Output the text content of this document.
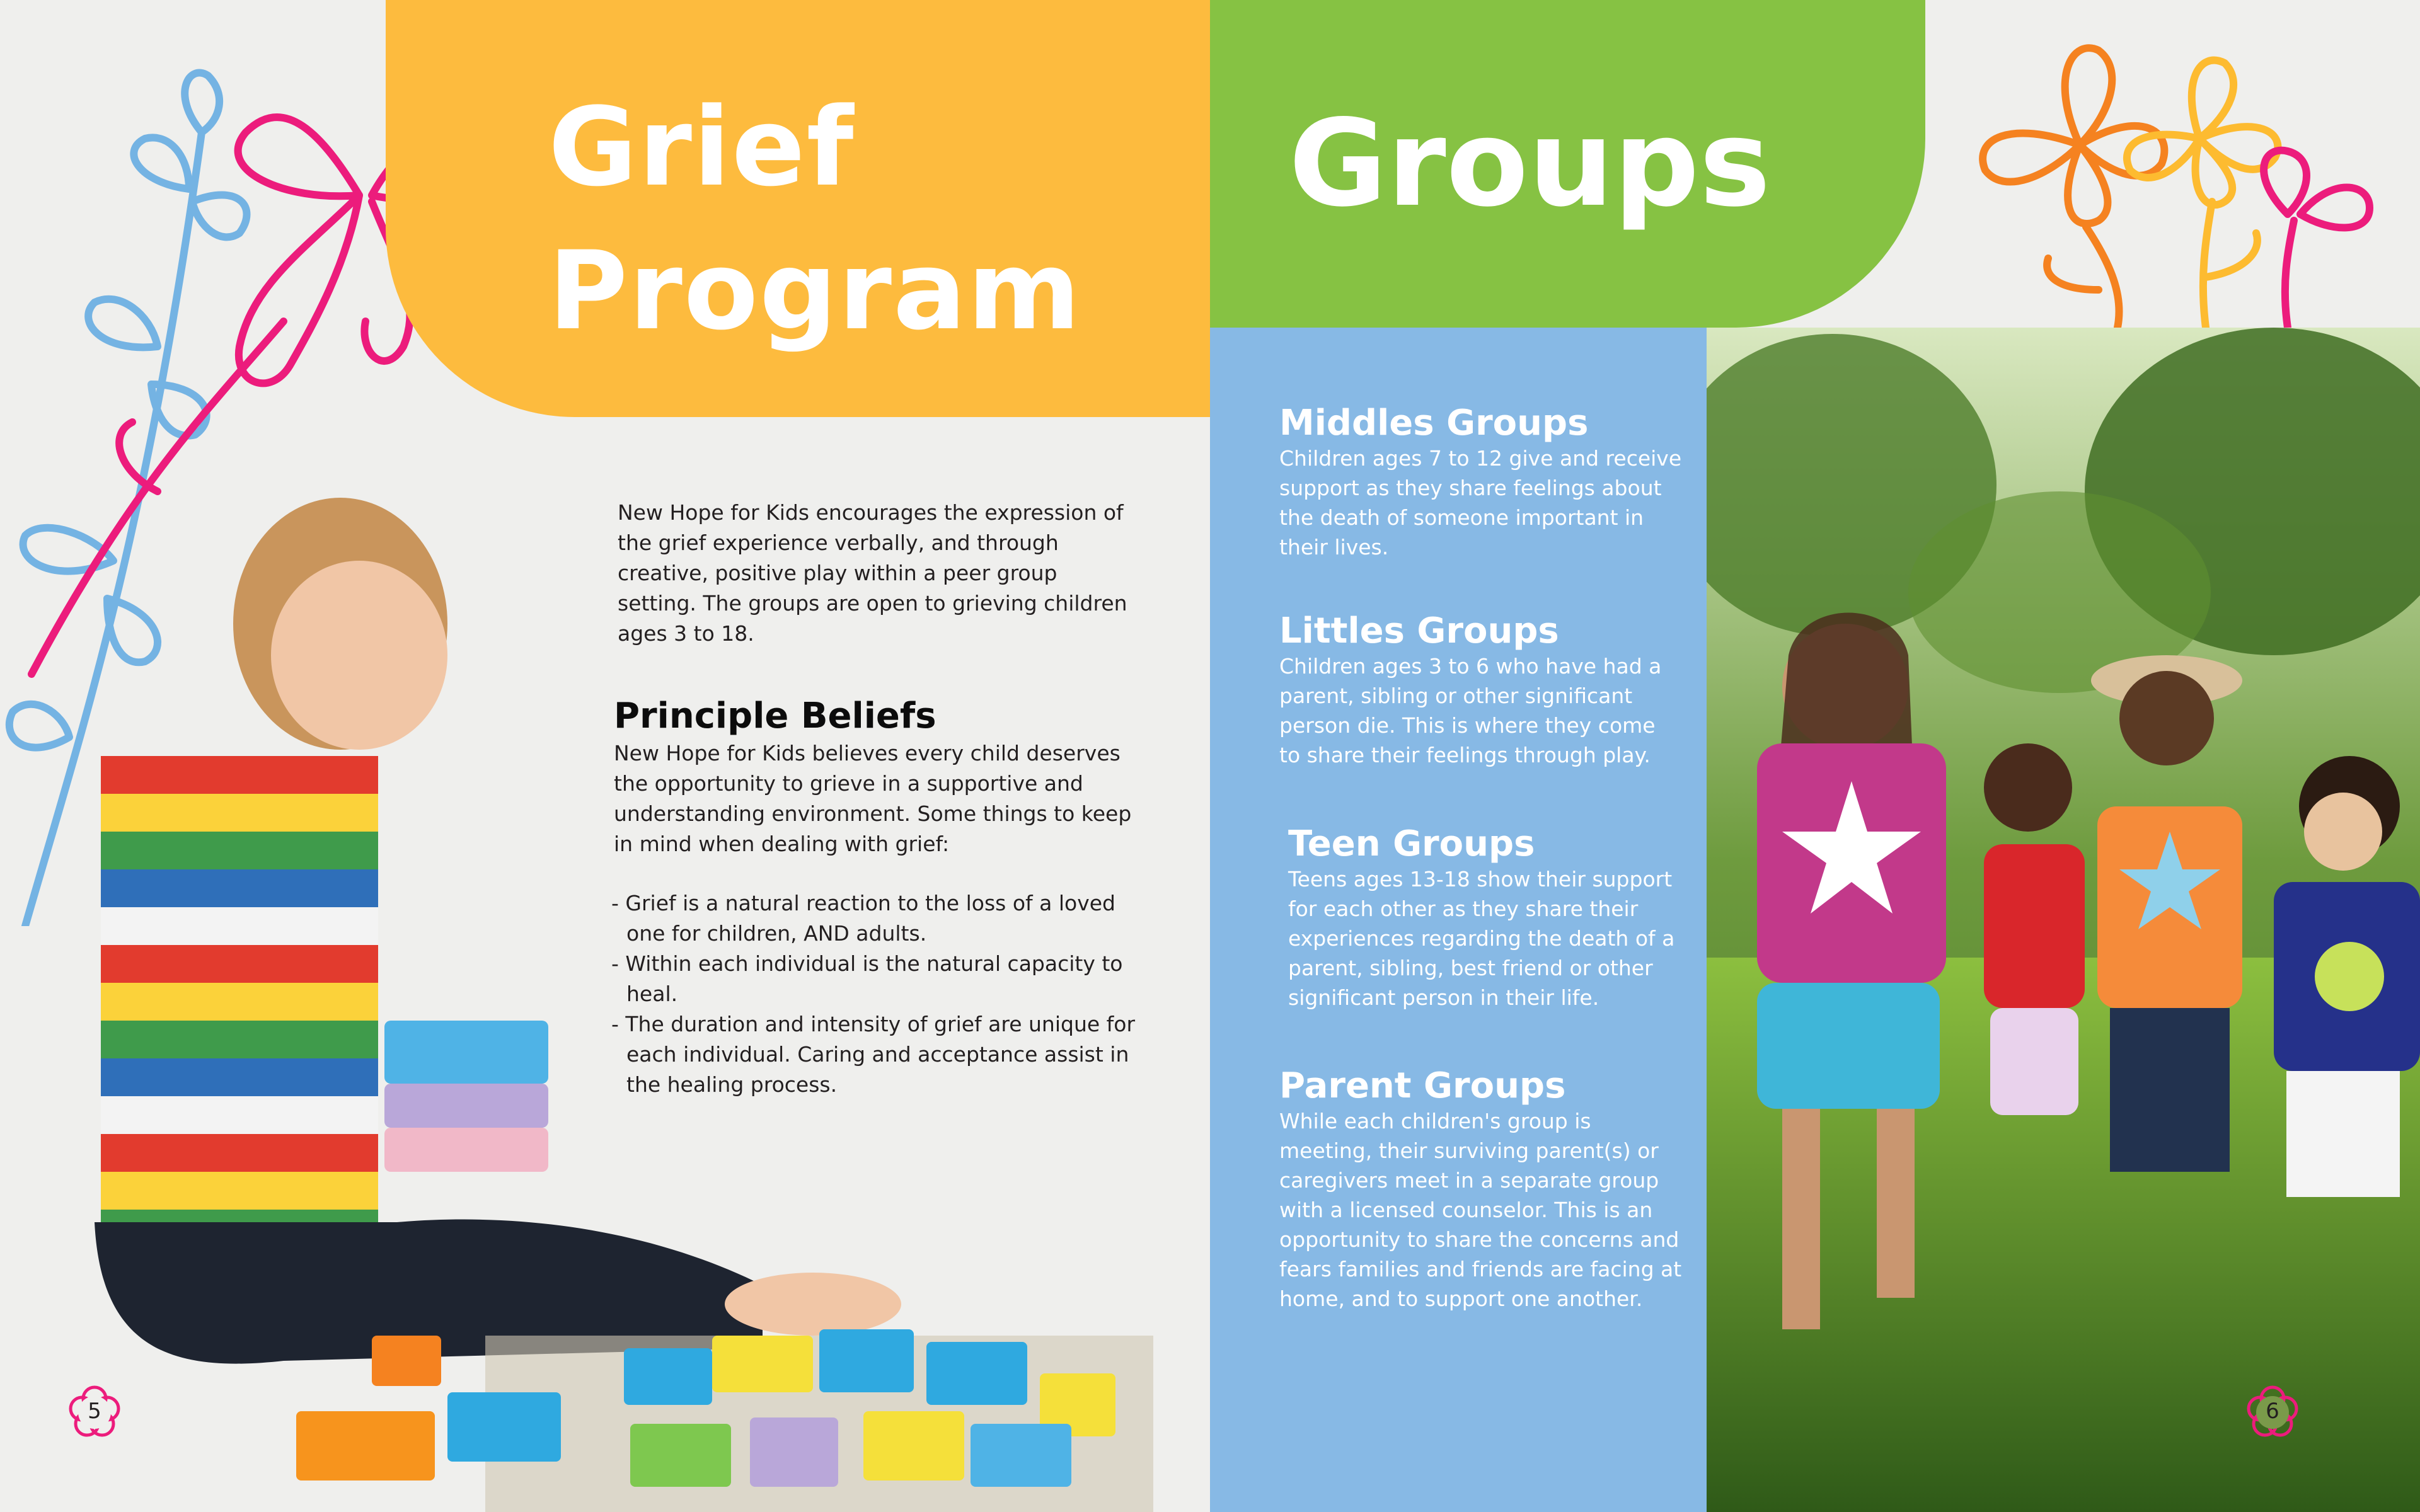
Grief
Program

New Hope for Kids encourages the expression of the grief experience verbally, and through creative, positive play within a peer group setting. The groups are open to grieving children ages 3 to 18.

Principle Beliefs

New Hope for Kids believes every child deserves the opportunity to grieve in a supportive and understanding environment. Some things to keep in mind when dealing with grief:

- Grief is a natural reaction to the loss of a loved one for children, AND adults.
- Within each individual is the natural capacity to heal.
- The duration and intensity of grief are unique for each individual. Caring and acceptance assist in the healing process.
5
Groups
Middles Groups

Children ages 7 to 12 give and receive support as they share feelings about the death of someone important in their lives.

Littles Groups

Children ages 3 to 6 who have had a parent, sibling or other significant person die. This is where they come to share their feelings through play.

Teen Groups

Teens ages 13-18 show their support for each other as they share their experiences regarding the death of a parent, sibling, best friend or other significant person in their life.

Parent Groups

While each children's group is meeting, their surviving parent(s) or caregivers meet in a separate group with a licensed counselor. This is an opportunity to share the concerns and fears families and friends are facing at home, and to support one another.

6
